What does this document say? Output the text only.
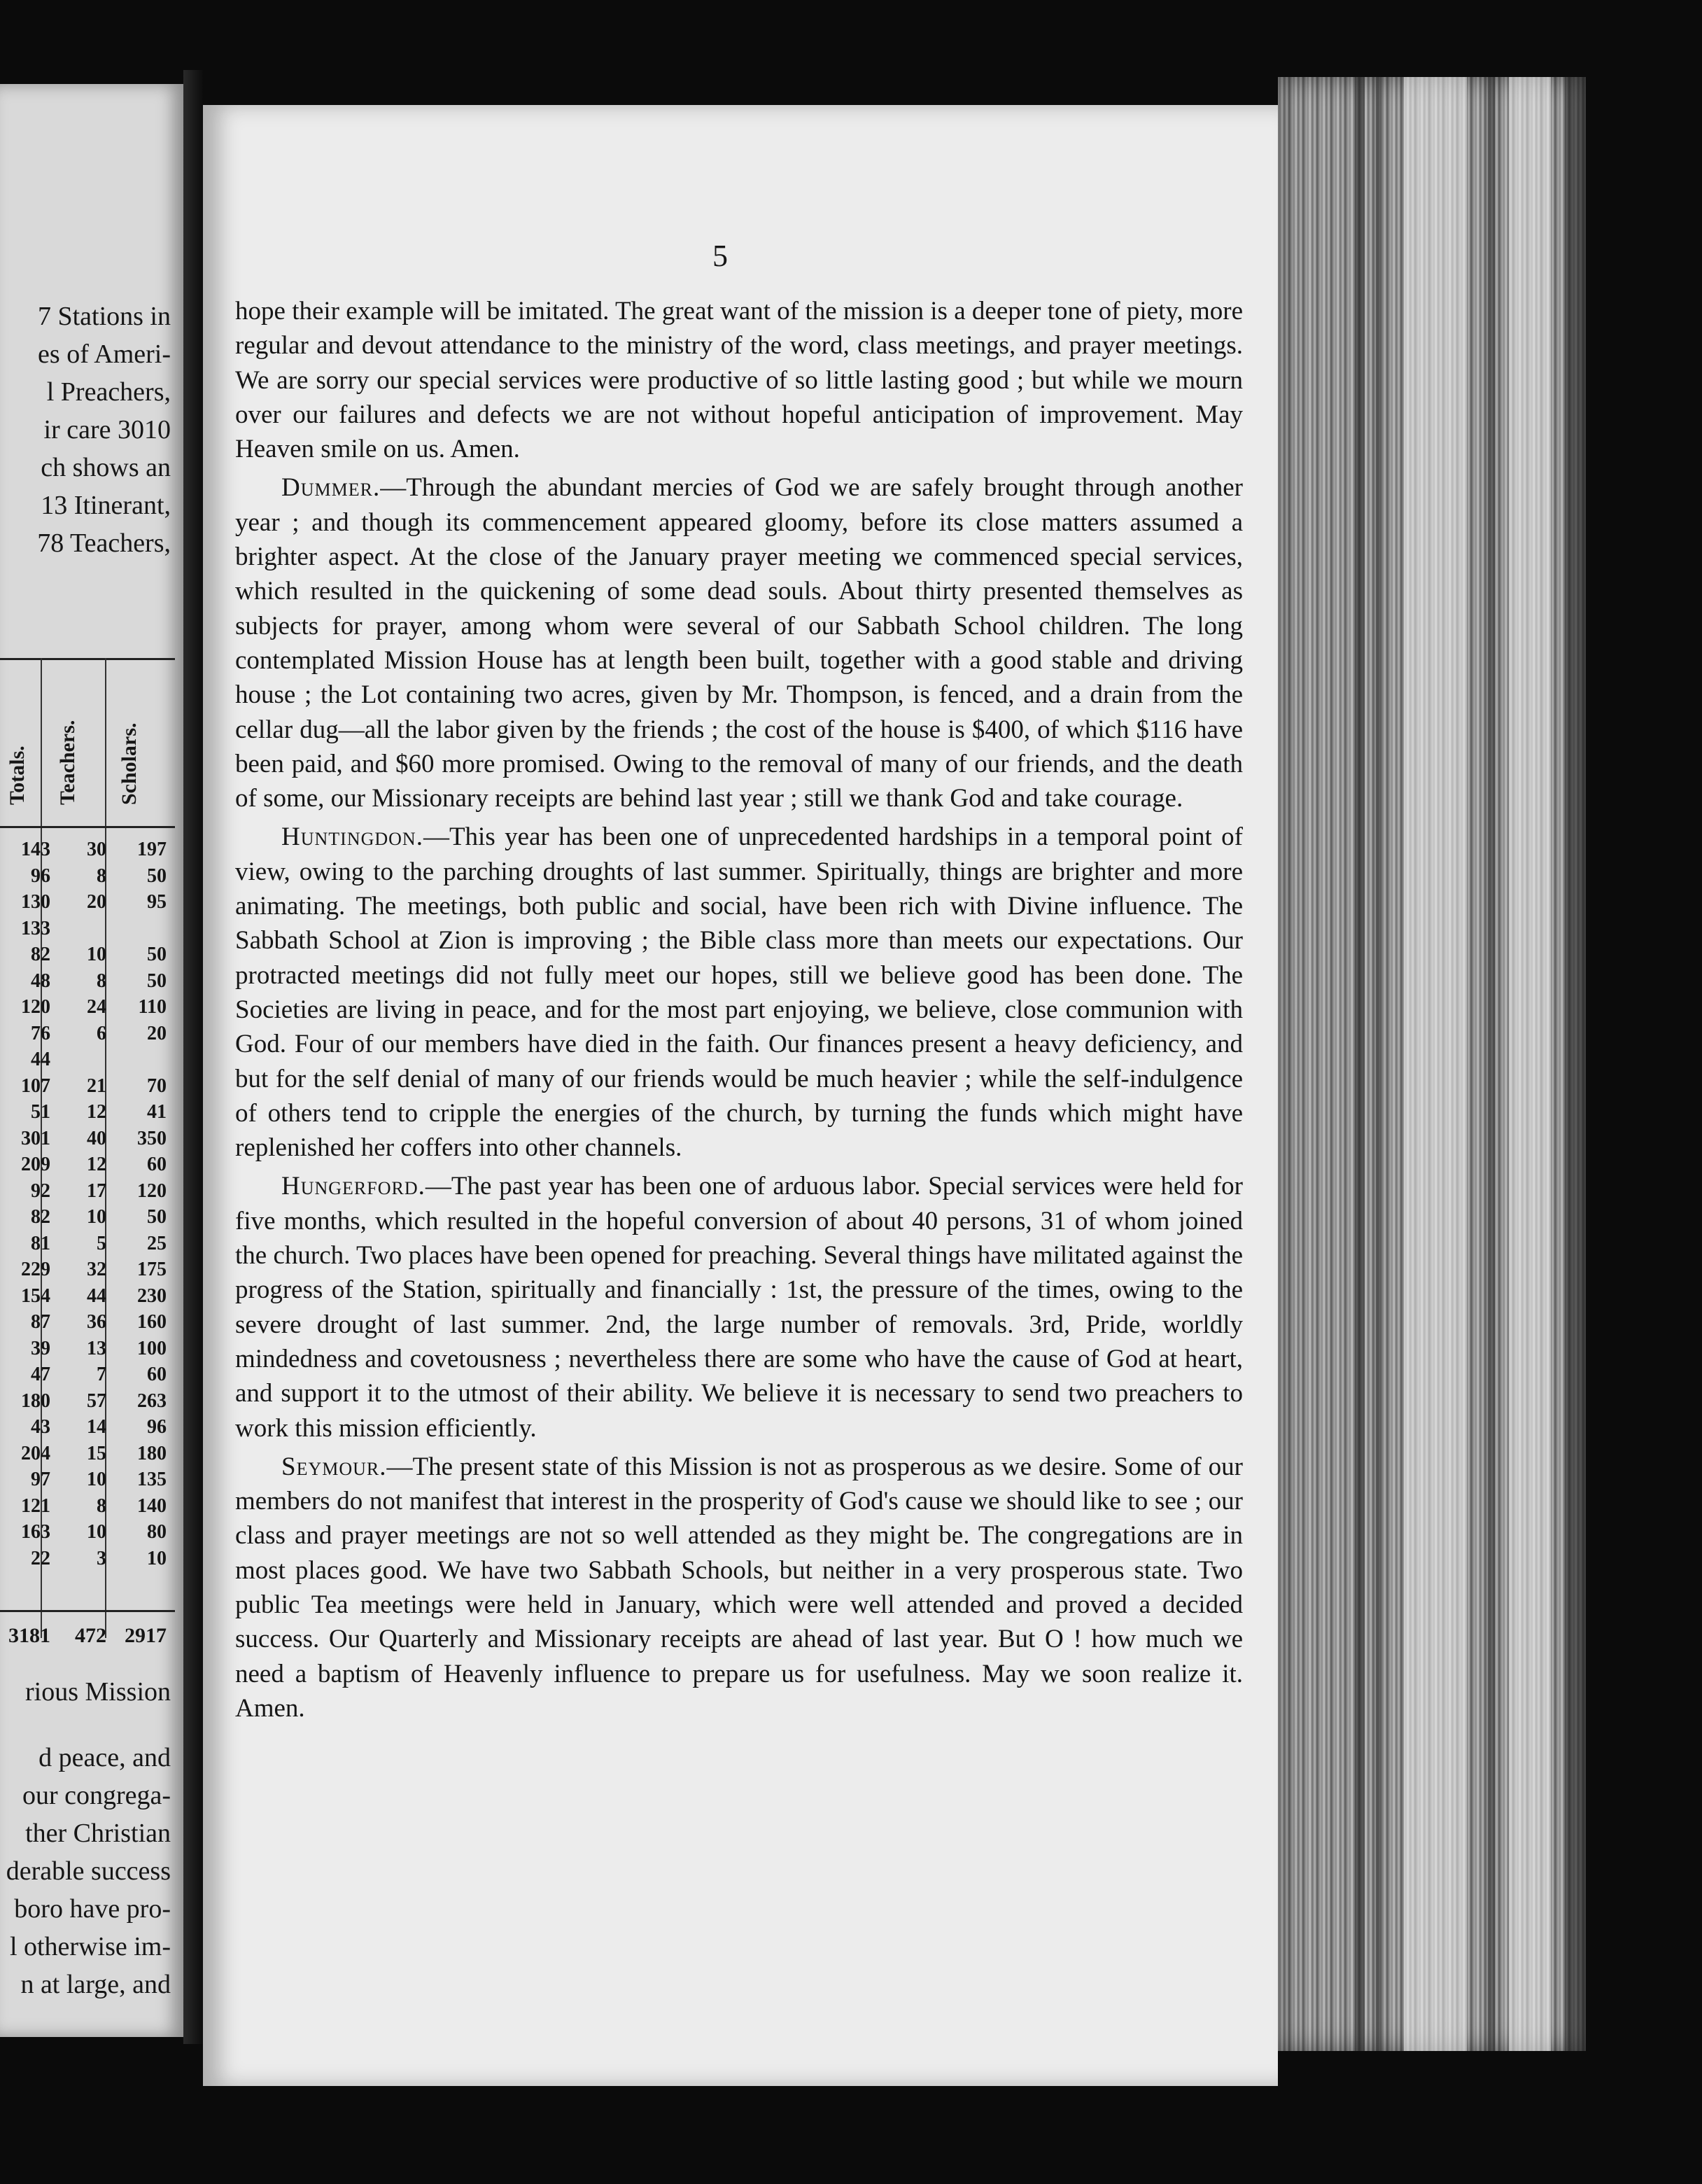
7 Stations in
es of Ameri-
l Preachers,
ir care 3010
ch shows an
13 Itinerant,
78 Teachers,
Totals. Teachers. Scholars.
143 30 197
96 8 50
130 20 95
133
82 10 50
48 8 50
120 24 110
76 6 20
44
107 21 70
51 12 41
301 40 350
209 12 60
92 17 120
82 10 50
81 5 25
229 32 175
154 44 230
87 36 160
39 13 100
47 7 60
180 57 263
43 14 96
204 15 180
97 10 135
121 8 140
163 10 80
22 3 10
3181 472 2917
rious Mission
d peace, and
our congrega-
ther Christian
derable success
boro have pro-
l otherwise im-
n at large, and
5

hope their example will be imitated. The great want of the mission is a deeper tone of piety, more regular and devout attendance to the ministry of the word, class meetings, and prayer meetings. We are sorry our special services were productive of so little lasting good ; but while we mourn over our failures and defects we are not without hopeful anticipation of improvement. May Heaven smile on us. Amen.

Dummer.—Through the abundant mercies of God we are safely brought through another year ; and though its commencement appeared gloomy, before its close matters assumed a brighter aspect. At the close of the January prayer meeting we commenced special services, which resulted in the quickening of some dead souls. About thirty presented themselves as subjects for prayer, among whom were several of our Sabbath School children. The long contemplated Mission House has at length been built, together with a good stable and driving house ; the Lot containing two acres, given by Mr. Thompson, is fenced, and a drain from the cellar dug—all the labor given by the friends ; the cost of the house is $400, of which $116 have been paid, and $60 more promised. Owing to the removal of many of our friends, and the death of some, our Missionary receipts are behind last year ; still we thank God and take courage.

Huntingdon.—This year has been one of unprecedented hardships in a temporal point of view, owing to the parching droughts of last summer. Spiritually, things are brighter and more animating. The meetings, both public and social, have been rich with Divine influence. The Sabbath School at Zion is improving ; the Bible class more than meets our expectations. Our protracted meetings did not fully meet our hopes, still we believe good has been done. The Societies are living in peace, and for the most part enjoying, we believe, close communion with God. Four of our members have died in the faith. Our finances present a heavy deficiency, and but for the self denial of many of our friends would be much heavier ; while the self-indulgence of others tend to cripple the energies of the church, by turning the funds which might have replenished her coffers into other channels.

Hungerford.—The past year has been one of arduous labor. Special services were held for five months, which resulted in the hopeful conversion of about 40 persons, 31 of whom joined the church. Two places have been opened for preaching. Several things have militated against the progress of the Station, spiritually and financially : 1st, the pressure of the times, owing to the severe drought of last summer. 2nd, the large number of removals. 3rd, Pride, worldly mindedness and covetousness ; nevertheless there are some who have the cause of God at heart, and support it to the utmost of their ability. We believe it is necessary to send two preachers to work this mission efficiently.

Seymour.—The present state of this Mission is not as prosperous as we desire. Some of our members do not manifest that interest in the prosperity of God's cause we should like to see ; our class and prayer meetings are not so well attended as they might be. The congregations are in most places good. We have two Sabbath Schools, but neither in a very prosperous state. Two public Tea meetings were held in January, which were well attended and proved a decided success. Our Quarterly and Missionary receipts are ahead of last year. But O ! how much we need a baptism of Heavenly influence to prepare us for usefulness. May we soon realize it. Amen.
